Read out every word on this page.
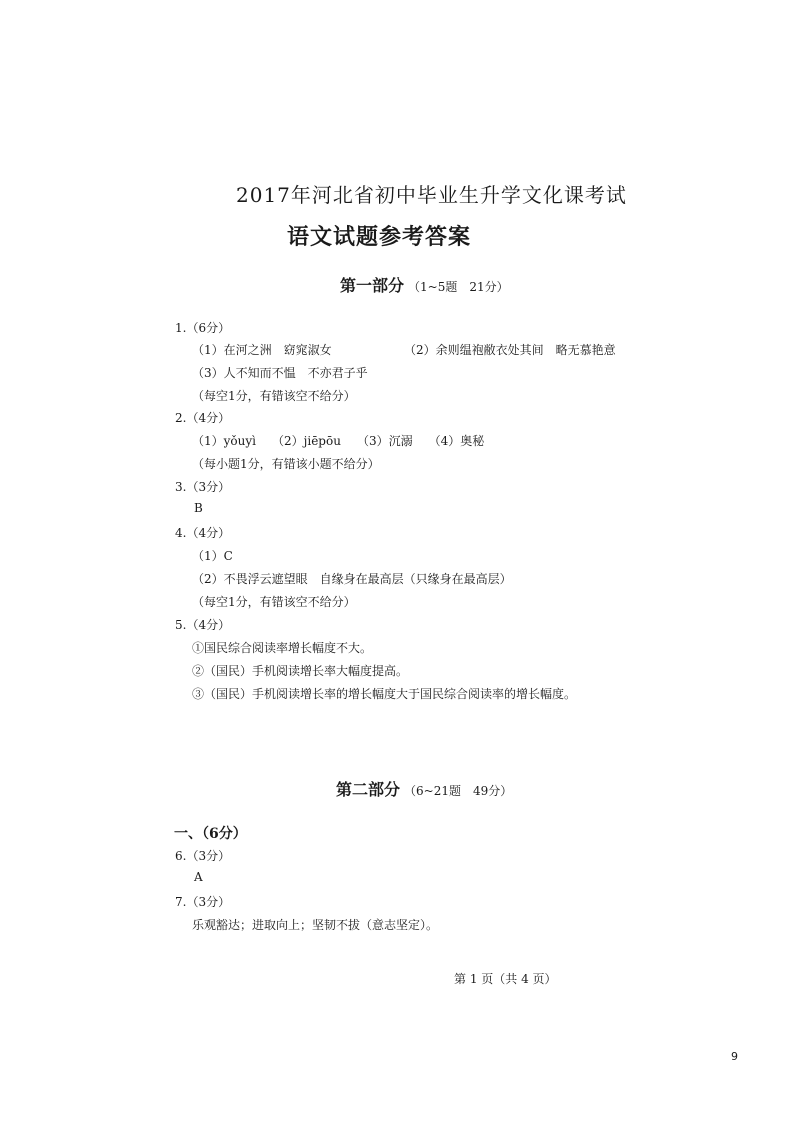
2017年河北省初中毕业生升学文化课考试
语文试题参考答案
第一部分 （1~5题　21分）
1.（6分）
（1）在河之洲　窈窕淑女	（2）余则缊袍敝衣处其间　略无慕艳意
（3）人不知而不愠　不亦君子乎
（每空1分，有错该空不给分）
2.（4分）
（1）yǒuyì （2）jiēpōu （3）沉溺 （4）奥秘
（每小题1分，有错该小题不给分）
3.（3分）
B
4.（4分）
（1）C
（2）不畏浮云遮望眼　自缘身在最高层（只缘身在最高层）
（每空1分，有错该空不给分）
5.（4分）
①国民综合阅读率增长幅度不大。
②（国民）手机阅读增长率大幅度提高。
③（国民）手机阅读增长率的增长幅度大于国民综合阅读率的增长幅度。
第二部分 （6~21题　49分）
一、（6分）
6.（3分）
A
7.（3分）
乐观豁达；进取向上；坚韧不拔（意志坚定）。
第 1 页（共 4 页）
9
